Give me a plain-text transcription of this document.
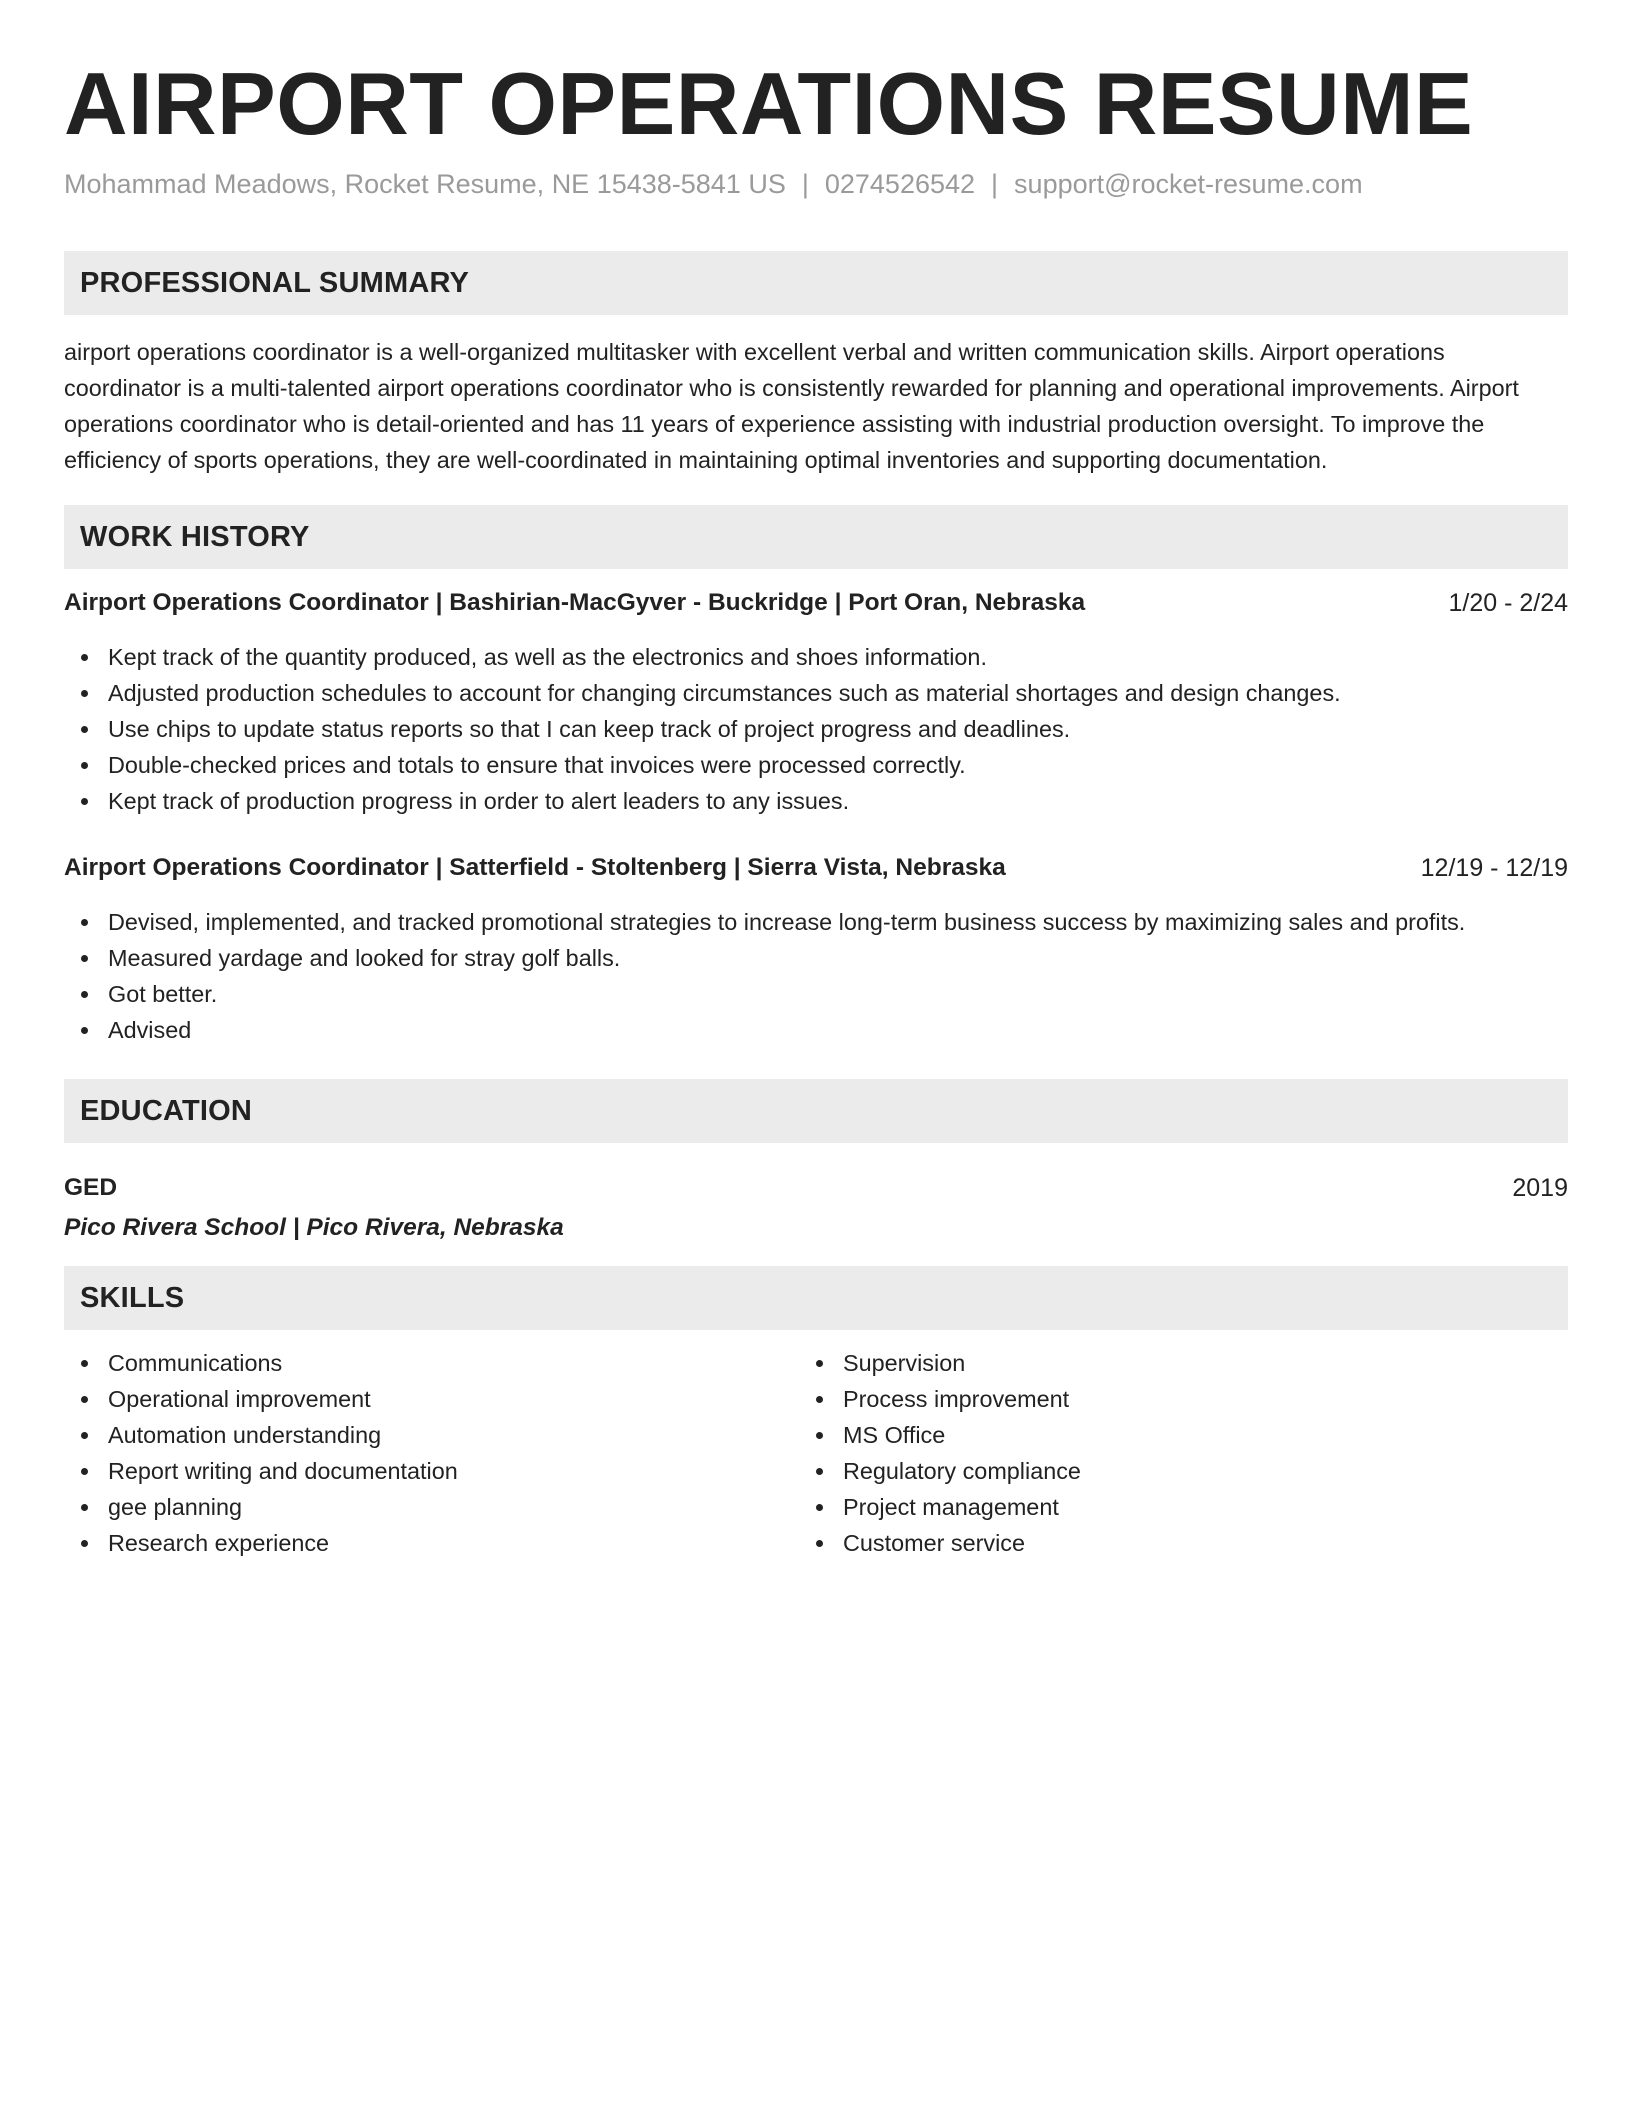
AIRPORT OPERATIONS RESUME
Mohammad Meadows, Rocket Resume, NE 15438-5841 US | 0274526542 | support@rocket-resume.com
PROFESSIONAL SUMMARY

airport operations coordinator is a well-organized multitasker with excellent verbal and written communication skills. Airport operations coordinator is a multi-talented airport operations coordinator who is consistently rewarded for planning and operational improvements. Airport operations coordinator who is detail-oriented and has 11 years of experience assisting with industrial production oversight. To improve the efficiency of sports operations, they are well-coordinated in maintaining optimal inventories and supporting documentation.

WORK HISTORY
Airport Operations Coordinator | Bashirian-MacGyver - Buckridge | Port Oran, Nebraska	1/20 - 2/24
Kept track of the quantity produced, as well as the electronics and shoes information.
Adjusted production schedules to account for changing circumstances such as material shortages and design changes.
Use chips to update status reports so that I can keep track of project progress and deadlines.
Double-checked prices and totals to ensure that invoices were processed correctly.
Kept track of production progress in order to alert leaders to any issues.
Airport Operations Coordinator | Satterfield - Stoltenberg | Sierra Vista, Nebraska	12/19 - 12/19
Devised, implemented, and tracked promotional strategies to increase long-term business success by maximizing sales and profits.
Measured yardage and looked for stray golf balls.
Got better.
Advised
EDUCATION
GED	2019
Pico Rivera School | Pico Rivera, Nebraska
SKILLS
Communications
Operational improvement
Automation understanding
Report writing and documentation
gee planning
Research experience
Supervision
Process improvement
MS Office
Regulatory compliance
Project management
Customer service
